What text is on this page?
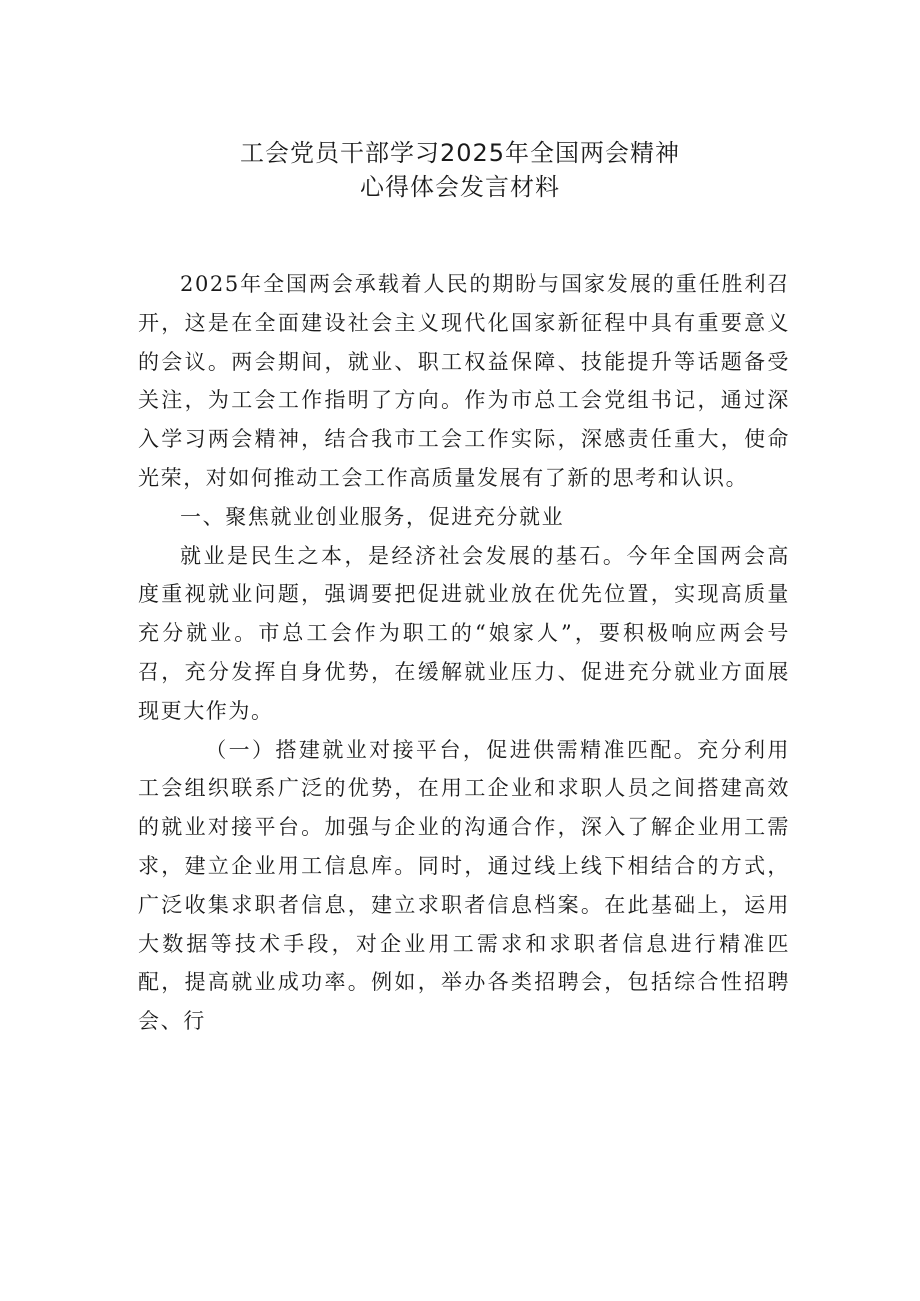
工会党员干部学习2025年全国两会精神
心得体会发言材料

2025年全国两会承载着人民的期盼与国家发展的重任胜利召开，这是在全面建设社会主义现代化国家新征程中具有重要意义的会议。两会期间，就业、职工权益保障、技能提升等话题备受关注，为工会工作指明了方向。作为市总工会党组书记，通过深入学习两会精神，结合我市工会工作实际，深感责任重大，使命光荣，对如何推动工会工作高质量发展有了新的思考和认识。

一、聚焦就业创业服务，促进充分就业

就业是民生之本，是经济社会发展的基石。今年全国两会高度重视就业问题，强调要把促进就业放在优先位置，实现高质量充分就业。市总工会作为职工的“娘家人”，要积极响应两会号召，充分发挥自身优势，在缓解就业压力、促进充分就业方面展现更大作为。

（一）搭建就业对接平台，促进供需精准匹配。充分利用工会组织联系广泛的优势，在用工企业和求职人员之间搭建高效的就业对接平台。加强与企业的沟通合作，深入了解企业用工需求，建立企业用工信息库。同时，通过线上线下相结合的方式，广泛收集求职者信息，建立求职者信息档案。在此基础上，运用大数据等技术手段，对企业用工需求和求职者信息进行精准匹配，提高就业成功率。例如，举办各类招聘会，包括综合性招聘会、行
